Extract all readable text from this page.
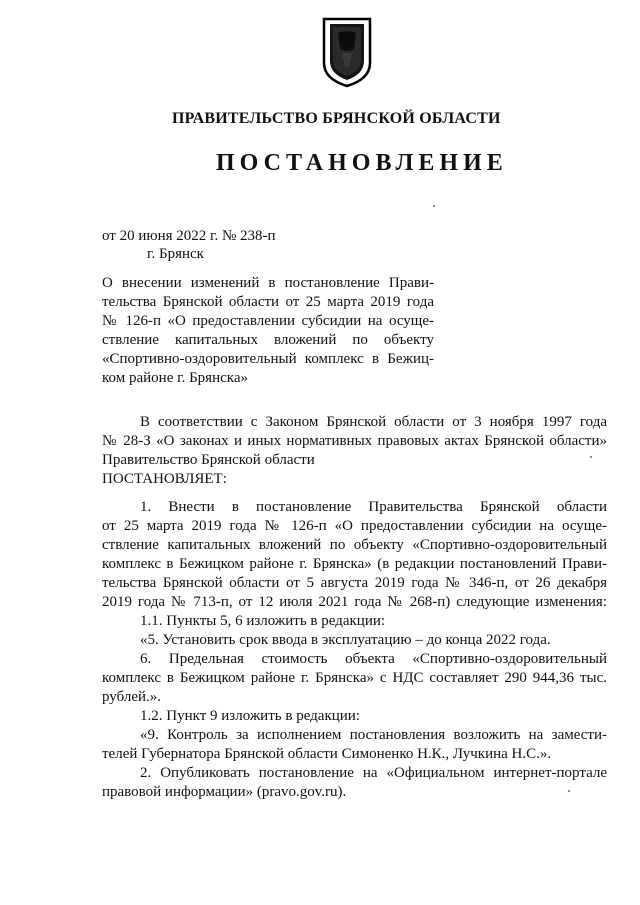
ПРАВИТЕЛЬСТВО БРЯНСКОЙ ОБЛАСТИ
ПОСТАНОВЛЕНИЕ
от 20 июня 2022 г. № 238-п
г. Брянск
О внесении изменений в постановление Прави-
тельства Брянской области от 25 марта 2019 года
№ 126-п «О предоставлении субсидии на осуще-
ствление капитальных вложений по объекту
«Спортивно-оздоровительный комплекс в Бежиц-
ком районе г. Брянска»
В соответствии с Законом Брянской области от 3 ноября 1997 года
№ 28-З «О законах и иных нормативных правовых актах Брянской области»
Правительство Брянской области
ПОСТАНОВЛЯЕТ:
1. Внести в постановление Правительства Брянской области
от 25 марта 2019 года № 126-п «О предоставлении субсидии на осуще-
ствление капитальных вложений по объекту «Спортивно-оздоровительный
комплекс в Бежицком районе г. Брянска» (в редакции постановлений Прави-
тельства Брянской области от 5 августа 2019 года № 346-п, от 26 декабря
2019 года № 713-п, от 12 июля 2021 года № 268-п) следующие изменения:
1.1. Пункты 5, 6 изложить в редакции:
«5. Установить срок ввода в эксплуатацию – до конца 2022 года.
6. Предельная стоимость объекта «Спортивно-оздоровительный
комплекс в Бежицком районе г. Брянска» с НДС составляет 290 944,36 тыс.
рублей.».
1.2. Пункт 9 изложить в редакции:
«9. Контроль за исполнением постановления возложить на замести-
телей Губернатора Брянской области Симоненко Н.К., Лучкина Н.С.».
2. Опубликовать постановление на «Официальном интернет-портале
правовой информации» (pravo.gov.ru).
